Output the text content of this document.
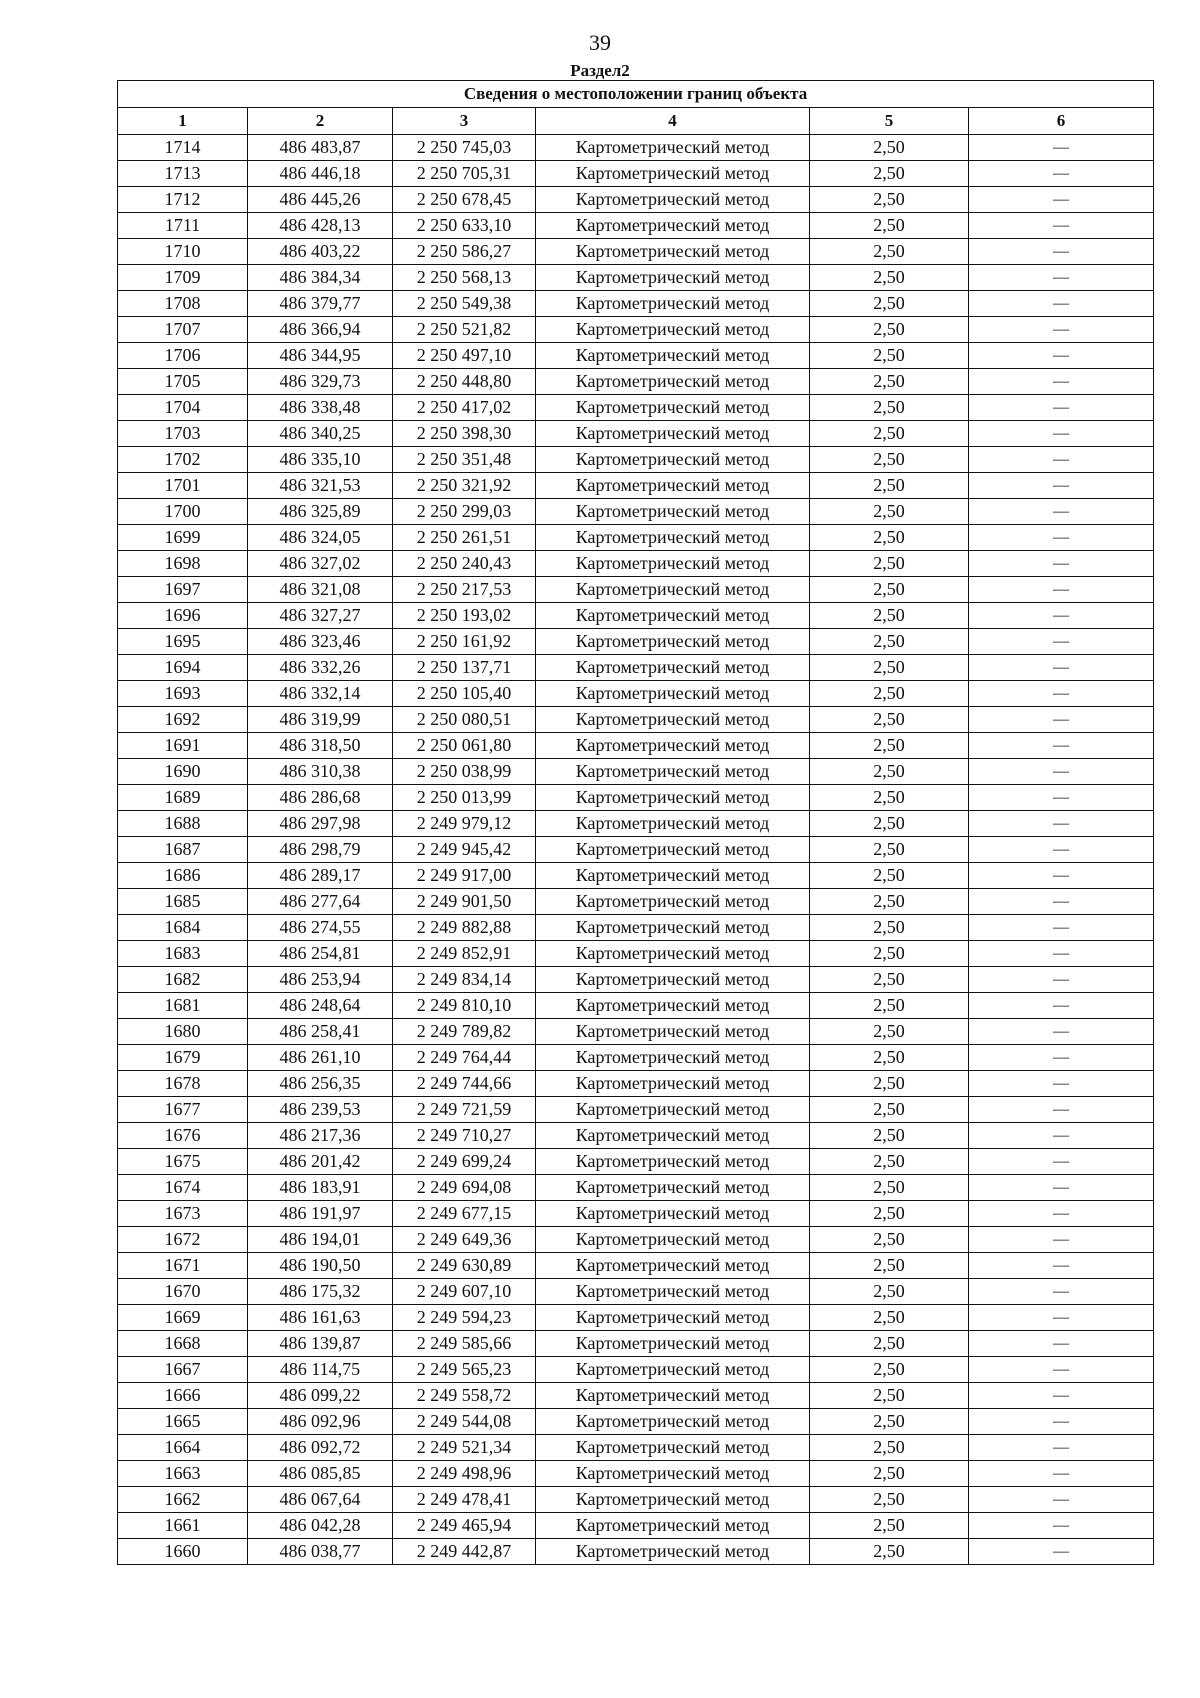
39
Раздел2
Сведения о местоположении границ объекта					
1	2	3	4	5	6
1714	486 483,87	2 250 745,03	Картометрический метод	2,50	—
1713	486 446,18	2 250 705,31	Картометрический метод	2,50	—
1712	486 445,26	2 250 678,45	Картометрический метод	2,50	—
1711	486 428,13	2 250 633,10	Картометрический метод	2,50	—
1710	486 403,22	2 250 586,27	Картометрический метод	2,50	—
1709	486 384,34	2 250 568,13	Картометрический метод	2,50	—
1708	486 379,77	2 250 549,38	Картометрический метод	2,50	—
1707	486 366,94	2 250 521,82	Картометрический метод	2,50	—
1706	486 344,95	2 250 497,10	Картометрический метод	2,50	—
1705	486 329,73	2 250 448,80	Картометрический метод	2,50	—
1704	486 338,48	2 250 417,02	Картометрический метод	2,50	—
1703	486 340,25	2 250 398,30	Картометрический метод	2,50	—
1702	486 335,10	2 250 351,48	Картометрический метод	2,50	—
1701	486 321,53	2 250 321,92	Картометрический метод	2,50	—
1700	486 325,89	2 250 299,03	Картометрический метод	2,50	—
1699	486 324,05	2 250 261,51	Картометрический метод	2,50	—
1698	486 327,02	2 250 240,43	Картометрический метод	2,50	—
1697	486 321,08	2 250 217,53	Картометрический метод	2,50	—
1696	486 327,27	2 250 193,02	Картометрический метод	2,50	—
1695	486 323,46	2 250 161,92	Картометрический метод	2,50	—
1694	486 332,26	2 250 137,71	Картометрический метод	2,50	—
1693	486 332,14	2 250 105,40	Картометрический метод	2,50	—
1692	486 319,99	2 250 080,51	Картометрический метод	2,50	—
1691	486 318,50	2 250 061,80	Картометрический метод	2,50	—
1690	486 310,38	2 250 038,99	Картометрический метод	2,50	—
1689	486 286,68	2 250 013,99	Картометрический метод	2,50	—
1688	486 297,98	2 249 979,12	Картометрический метод	2,50	—
1687	486 298,79	2 249 945,42	Картометрический метод	2,50	—
1686	486 289,17	2 249 917,00	Картометрический метод	2,50	—
1685	486 277,64	2 249 901,50	Картометрический метод	2,50	—
1684	486 274,55	2 249 882,88	Картометрический метод	2,50	—
1683	486 254,81	2 249 852,91	Картометрический метод	2,50	—
1682	486 253,94	2 249 834,14	Картометрический метод	2,50	—
1681	486 248,64	2 249 810,10	Картометрический метод	2,50	—
1680	486 258,41	2 249 789,82	Картометрический метод	2,50	—
1679	486 261,10	2 249 764,44	Картометрический метод	2,50	—
1678	486 256,35	2 249 744,66	Картометрический метод	2,50	—
1677	486 239,53	2 249 721,59	Картометрический метод	2,50	—
1676	486 217,36	2 249 710,27	Картометрический метод	2,50	—
1675	486 201,42	2 249 699,24	Картометрический метод	2,50	—
1674	486 183,91	2 249 694,08	Картометрический метод	2,50	—
1673	486 191,97	2 249 677,15	Картометрический метод	2,50	—
1672	486 194,01	2 249 649,36	Картометрический метод	2,50	—
1671	486 190,50	2 249 630,89	Картометрический метод	2,50	—
1670	486 175,32	2 249 607,10	Картометрический метод	2,50	—
1669	486 161,63	2 249 594,23	Картометрический метод	2,50	—
1668	486 139,87	2 249 585,66	Картометрический метод	2,50	—
1667	486 114,75	2 249 565,23	Картометрический метод	2,50	—
1666	486 099,22	2 249 558,72	Картометрический метод	2,50	—
1665	486 092,96	2 249 544,08	Картометрический метод	2,50	—
1664	486 092,72	2 249 521,34	Картометрический метод	2,50	—
1663	486 085,85	2 249 498,96	Картометрический метод	2,50	—
1662	486 067,64	2 249 478,41	Картометрический метод	2,50	—
1661	486 042,28	2 249 465,94	Картометрический метод	2,50	—
1660	486 038,77	2 249 442,87	Картометрический метод	2,50	—
